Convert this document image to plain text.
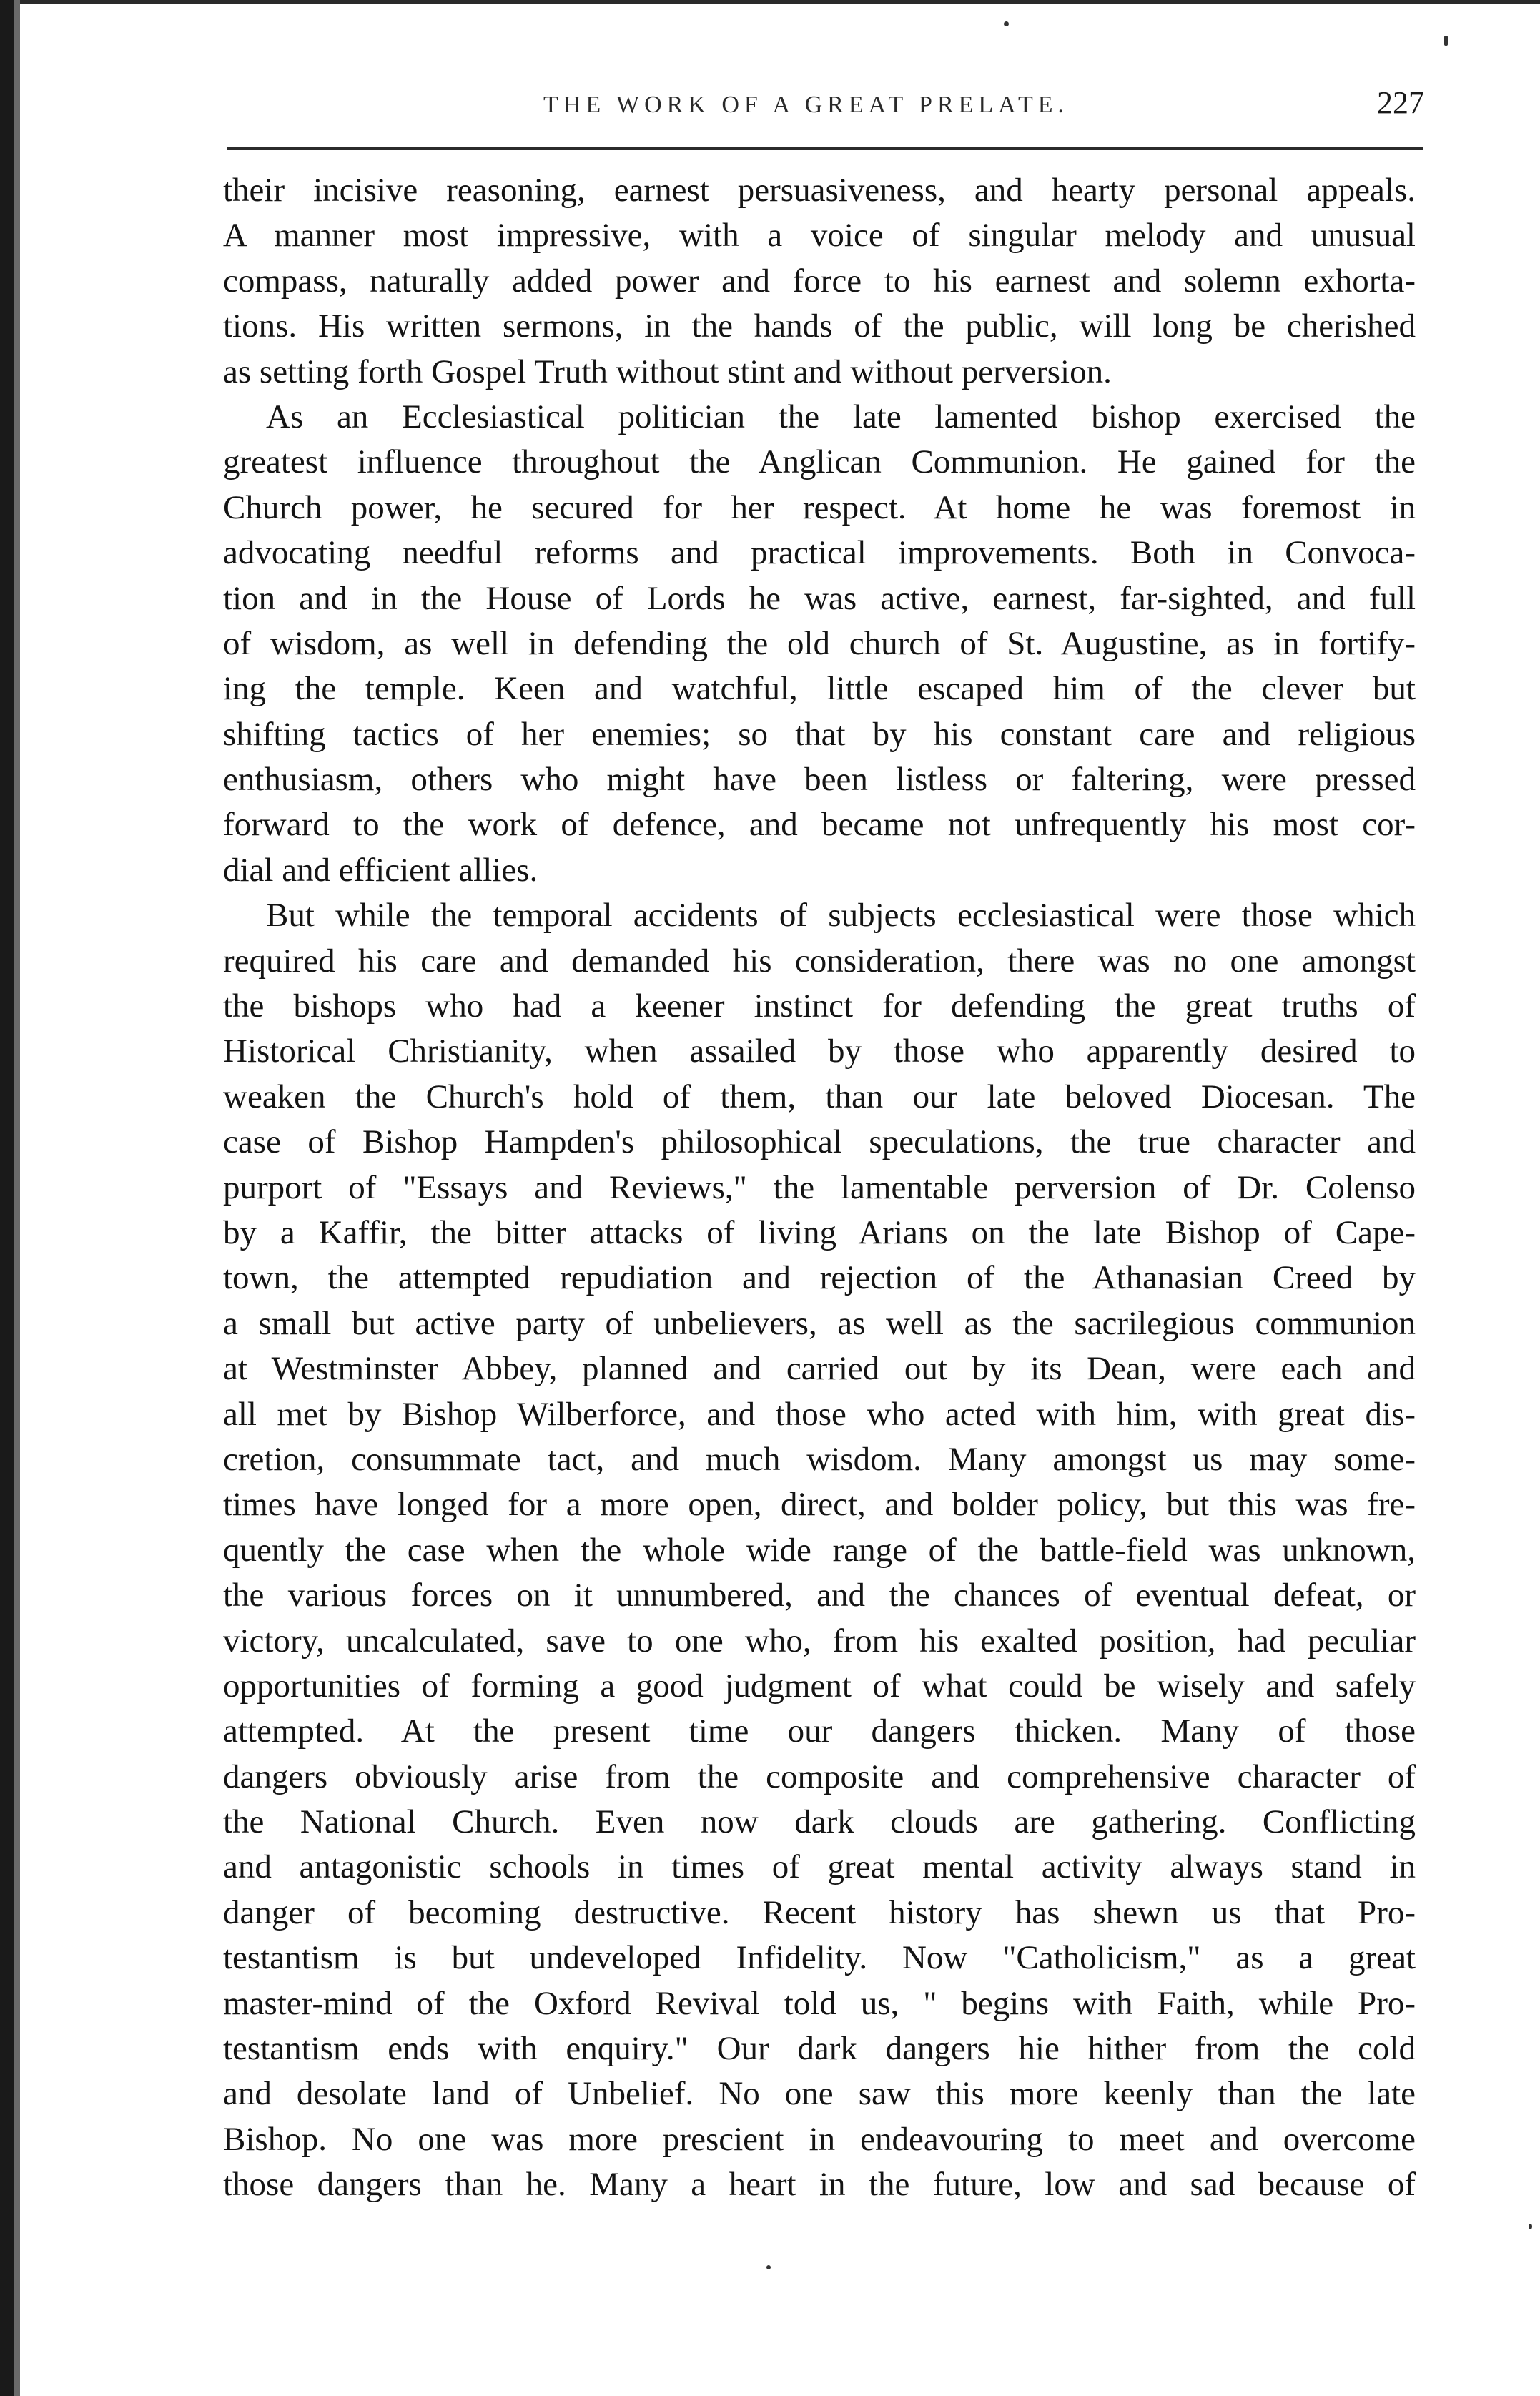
THE WORK OF A GREAT PRELATE.	227
their incisive reasoning, earnest persuasiveness, and hearty personal appeals.
A manner most impressive, with a voice of singular melody and unusual
compass, naturally added power and force to his earnest and solemn exhorta-
tions. His written sermons, in the hands of the public, will long be cherished
as setting forth Gospel Truth without stint and without perversion.
As an Ecclesiastical politician the late lamented bishop exercised the
greatest influence throughout the Anglican Communion. He gained for the
Church power, he secured for her respect. At home he was foremost in
advocating needful reforms and practical improvements. Both in Convoca-
tion and in the House of Lords he was active, earnest, far-sighted, and full
of wisdom, as well in defending the old church of St. Augustine, as in fortify-
ing the temple. Keen and watchful, little escaped him of the clever but
shifting tactics of her enemies; so that by his constant care and religious
enthusiasm, others who might have been listless or faltering, were pressed
forward to the work of defence, and became not unfrequently his most cor-
dial and efficient allies.
But while the temporal accidents of subjects ecclesiastical were those which
required his care and demanded his consideration, there was no one amongst
the bishops who had a keener instinct for defending the great truths of
Historical Christianity, when assailed by those who apparently desired to
weaken the Church's hold of them, than our late beloved Diocesan. The
case of Bishop Hampden's philosophical speculations, the true character and
purport of "Essays and Reviews," the lamentable perversion of Dr. Colenso
by a Kaffir, the bitter attacks of living Arians on the late Bishop of Cape-
town, the attempted repudiation and rejection of the Athanasian Creed by
a small but active party of unbelievers, as well as the sacrilegious communion
at Westminster Abbey, planned and carried out by its Dean, were each and
all met by Bishop Wilberforce, and those who acted with him, with great dis-
cretion, consummate tact, and much wisdom. Many amongst us may some-
times have longed for a more open, direct, and bolder policy, but this was fre-
quently the case when the whole wide range of the battle-field was unknown,
the various forces on it unnumbered, and the chances of eventual defeat, or
victory, uncalculated, save to one who, from his exalted position, had peculiar
opportunities of forming a good judgment of what could be wisely and safely
attempted. At the present time our dangers thicken. Many of those
dangers obviously arise from the composite and comprehensive character of
the National Church. Even now dark clouds are gathering. Conflicting
and antagonistic schools in times of great mental activity always stand in
danger of becoming destructive. Recent history has shewn us that Pro-
testantism is but undeveloped Infidelity. Now "Catholicism," as a great
master-mind of the Oxford Revival told us, " begins with Faith, while Pro-
testantism ends with enquiry." Our dark dangers hie hither from the cold
and desolate land of Unbelief. No one saw this more keenly than the late
Bishop. No one was more prescient in endeavouring to meet and overcome
those dangers than he. Many a heart in the future, low and sad because of
